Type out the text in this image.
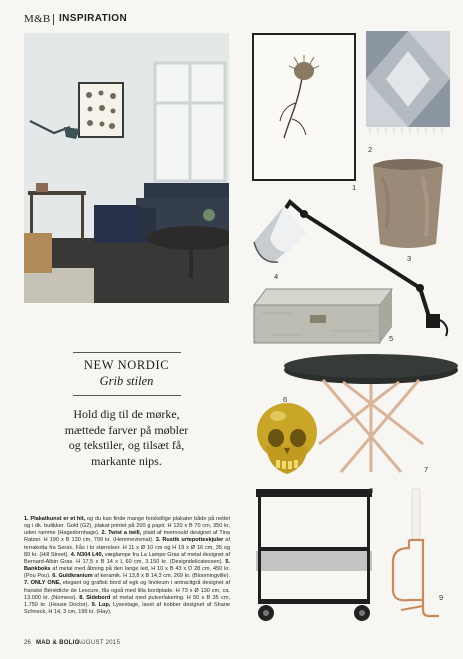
M&B INSPIRATION
1
2
3
4
5
6
7
8
9
NEW NORDIC
Grib stilen
Hold dig til de mørke,
mættede farver på møbler
og tekstiler, og tilsæt få,
markante nips.
1. Plakatkunst er et hit, og du kan finde mange forskellige plakater både på nettet og i dk. butikker. Gold (G2), plakat printet på 200 g papir. H 120 x B 70 cm, 350 kr, uden ramme (Hagedornhage). 2. Twist a twill, plaid af merinould designet af Tina Ratzer. H 190 x B 130 cm, 799 kr. (Hemmevismat). 3. Rustik urtepotteskjuler af terrakotta fra Serax. Fås i to størrelser. H 11 x Ø 10 cm og H 19 x Ø 16 cm, 35 og 80 kr. (Hill Street). 4. N304 L40, væglampe fra La Lampe Gras af metal designet af Bernard-Albin Gras. H 17,5 x B 14 x L 60 cm, 3.150 kr. (Designdelicatessen). 5. Bankboks af metal med åbning på den lange led, H 10 x B 43 x D 28 cm, 450 kr. (Pou Pou). 6. Guldkranium af keramik. H 13,8 x B 14,3 cm, 269 kr. (Bloomingville). 7. ONLY ONE, elegant og grafisk bord af egk og linoleum i antracitgrå designet af franske Bénédicte de Lescure, fås også med lilla bordplade. H 73 x Ø 130 cm, ca. 13.000 kr. (Nomess). 8. Sidebord af metal med pulverlakering. H 50 x B 35 cm, 1.750 kr. (House Doctor). 9. Lup, Lysestage, lavet af kobber designet af Shane Schneck, H 14, 3 cm, 199 kr. (Hay).
26 MAD & BOLIG
AUGUST 2015
